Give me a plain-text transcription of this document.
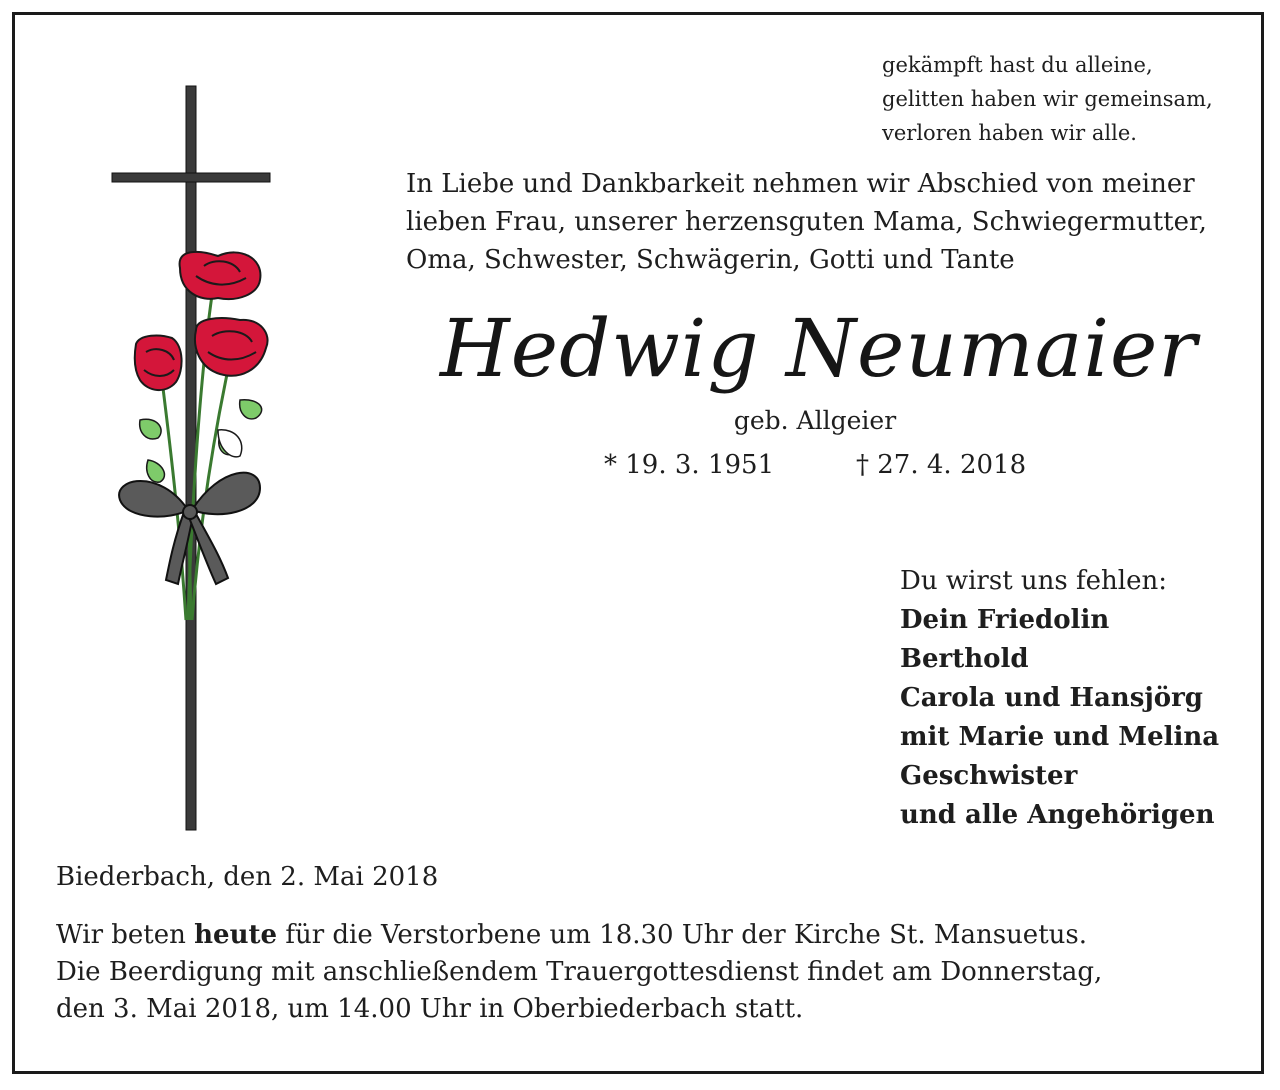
gekämpft hast du alleine,
gelitten haben wir gemeinsam,
verloren haben wir alle.
In Liebe und Dankbarkeit nehmen wir Abschied von meiner
lieben Frau, unserer herzensguten Mama, Schwiegermutter,
Oma, Schwester, Schwägerin, Gotti und Tante
Hedwig Neumaier
geb. Allgeier
* 19. 3. 1951	† 27. 4. 2018
Du wirst uns fehlen:
Dein Friedolin
Berthold
Carola und Hansjörg
mit Marie und Melina
Geschwister
und alle Angehörigen
Biederbach, den 2. Mai 2018
Wir beten heute für die Verstorbene um 18.30 Uhr der Kirche St. Mansuetus.
Die Beerdigung mit anschließendem Trauergottesdienst findet am Donnerstag,
den 3. Mai 2018, um 14.00 Uhr in Oberbiederbach statt.
